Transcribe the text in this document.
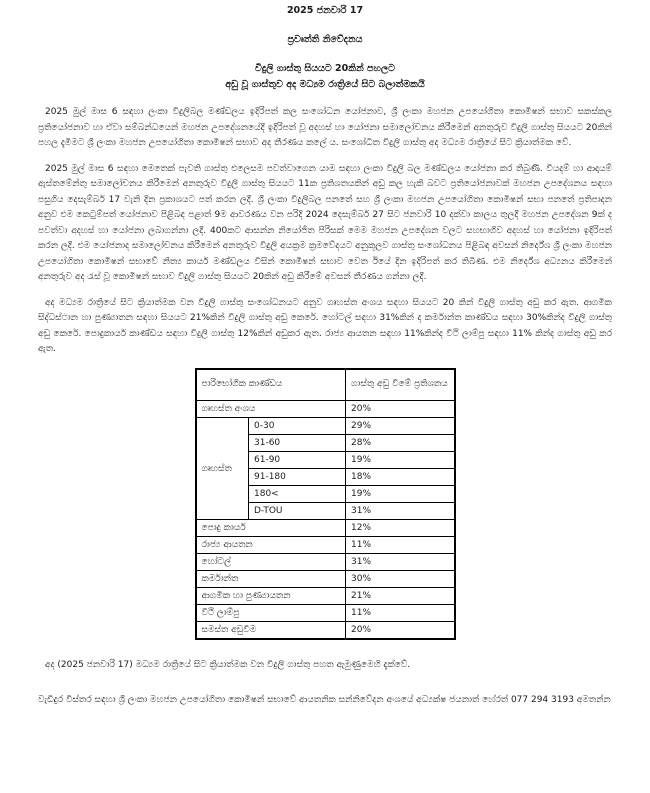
2025 ජනවාරි 17
ප්‍රවෘත්ති නිවේදනය
විදුලි ගාස්තු සියයට 20කින් පහලට
අඩු වූ ගාස්තුව අද මධ්‍යම රාත්‍රියේ සිට බලාත්මකයි

2025 මුල් මාස 6 සඳහා ලංකා විදුලිබල මණ්ඩලය ඉදිරිපත් කල සංශෝධන යෝජනාව, ශ්‍රී ලංකා මහජන උපයෝගිතා කොමිෂන් සභාව සකස්කල ප්‍රතියෝජනාව හා ඒවා සම්බන්ධයෙන් මහජන උපදේශනයේදී ඉදිරිපත් වූ අදහස් හා යෝජනා සමාලෝචනය කිරීමෙන් අනතුරුව විදුලි ගාස්තු සියයට 20කින් පහල දැමීමට ශ්‍රී ලංකා මහජන උපයෝගිතා කොමිෂන් සභාව අද තීරණය කලේ ය. සංශෝධිත විදුලි ගාස්තු අද මධ්‍යම රාත්‍රියේ සිට ක්‍රියාත්මක වේ.

2025 මුල් මාස 6 සඳහා මෙතෙක් පැවති ගාස්තු එලෙසම පවත්වාගෙන යාම සඳහා ලංකා විදුලි බල මණ්ඩලය යෝජනා කර තිබුණි. වියදම් හා ආදායම් ඇස්තමේන්තු සමාලෝචනය කිරීමෙන් අනතුරුව විදුලි ගාස්තු සියයට 11ක ප්‍රතිශතයකින් අඩු කල හැකි බවට ප්‍රතියෝජනාවක් මහජන උපදේශනය සඳහා පසුගිය දෙසැම්බර් 17 වැනි දින ප්‍රකාශයට පත් කරන ලදී. ශ්‍රී ලංකා විදුලිබල පනතේ සහ ශ්‍රී ලංකා මහජන උපයෝගිතා කොමිෂන් සභා පනතේ ප්‍රතිපාදන අනුව එම කෙටුම්පත් යෝජනාව පිළිබඳ පළාත් 9ම ආවරණය වන පරිදි 2024 දෙසැම්බර් 27 සිට ජනවාරි 10 දක්වා කාලය තුලදී මහජන උපදේශන 9ක් ද පවත්වා අදහස් හා යෝජනා ලබාගන්නා ලදී. 400කට ආසන්න නියෝජිත පිරිසක් මෙම මහජන උපදේශන වලට සහභාගිව අදහස් හා යෝජනා ඉදිරිපත් කරන ලදී. එම යෝජනාද සමාලෝචනය කිරීමෙන් අනතුරුව විදුලි අයක්‍රම ක්‍රමවේදයට අනුකූලව ගාස්තු සංශෝධනය පිළිබඳ අවසන් නිර්දේශ ශ්‍රී ලංකා මහජන උපයෝගිතා කොමිෂන් සභාවේ නිත්‍ය කාර්ය මණ්ඩලය විසින් කොමිෂන් සභාව වෙත ඊයේ දින ඉදිරිපත් කර තිබිණ. එම නිර්දේශ අධ්‍යනය කිරීමෙන් අනතුරුව අද රැස් වූ කොමිෂන් සභාව විදුලි ගාස්තු සියයට 20කින් අඩු කිරීමේ අවසන් තීරණය ගන්නා ලදී.

අද මධ්‍යම රාත්‍රියේ සිට ක්‍රියාත්මක වන විදුලි ගාස්තු සංශෝධනයට අනුව ගෘහස්ත අංශය සඳහා සියයට 20 කින් විදුලි ගාස්තු අඩු කර ඇත. ආගමික සිද්ධස්ථාන හා පුණ්‍යාතන සඳහා සියයට 21%කින් විදුලි ගාස්තු අඩු කෙරේ. හෝටල් සඳහා 31%කින් ද කර්මාන්ත කාණ්ඩය සඳහා 30%කින්ද විදුලි ගාස්තු අඩු කෙරේ. පොදුකාර්ය කාණ්ඩය සඳහා විදුලි ගාස්තු 12%කින් අඩුකර ඇත. රාජ්‍ය ආයතන සඳහා 11%කින්ද වීථි ලාම්පු සඳහා 11% කින්ද ගාස්තු අඩු කර ඇත.

පාරිභෝගික කාණ්ඩය		ගාස්තු අඩු වීමේ ප්‍රතිශතය
ගෘහස්ත අංශය		20%
ගෘහස්ත	0-30	29%
	31-60	28%
	61-90	19%
	91-180	18%
	180<	19%
	D-TOU	31%
පොදු කාර්ය		12%
රාජ්‍ය ආයතන		11%
හෝටල්		31%
කර්මාන්ත		30%
ආගමික හා පුණ්‍යායතන		21%
වීථි ලාම්පු		11%
සමස්ත අඩුවීම		20%

අද (2025 ජනවාරි 17) මධ්‍යම රාත්‍රියේ සිට ක්‍රියාත්මක වන විදුලි ගාස්තු පහත ඇමුණුමෙහි දැක්වේ.

වැඩිදුර විස්තර සඳහා ශ්‍රී ලංකා මහජන උපයෝගිතා කොමිෂන් සභාවේ ආයතනික සන්නිවේදන අංශයේ අධ්‍යක්ෂ ජයනාත් හේරත් 077 294 3193 අමතන්න
